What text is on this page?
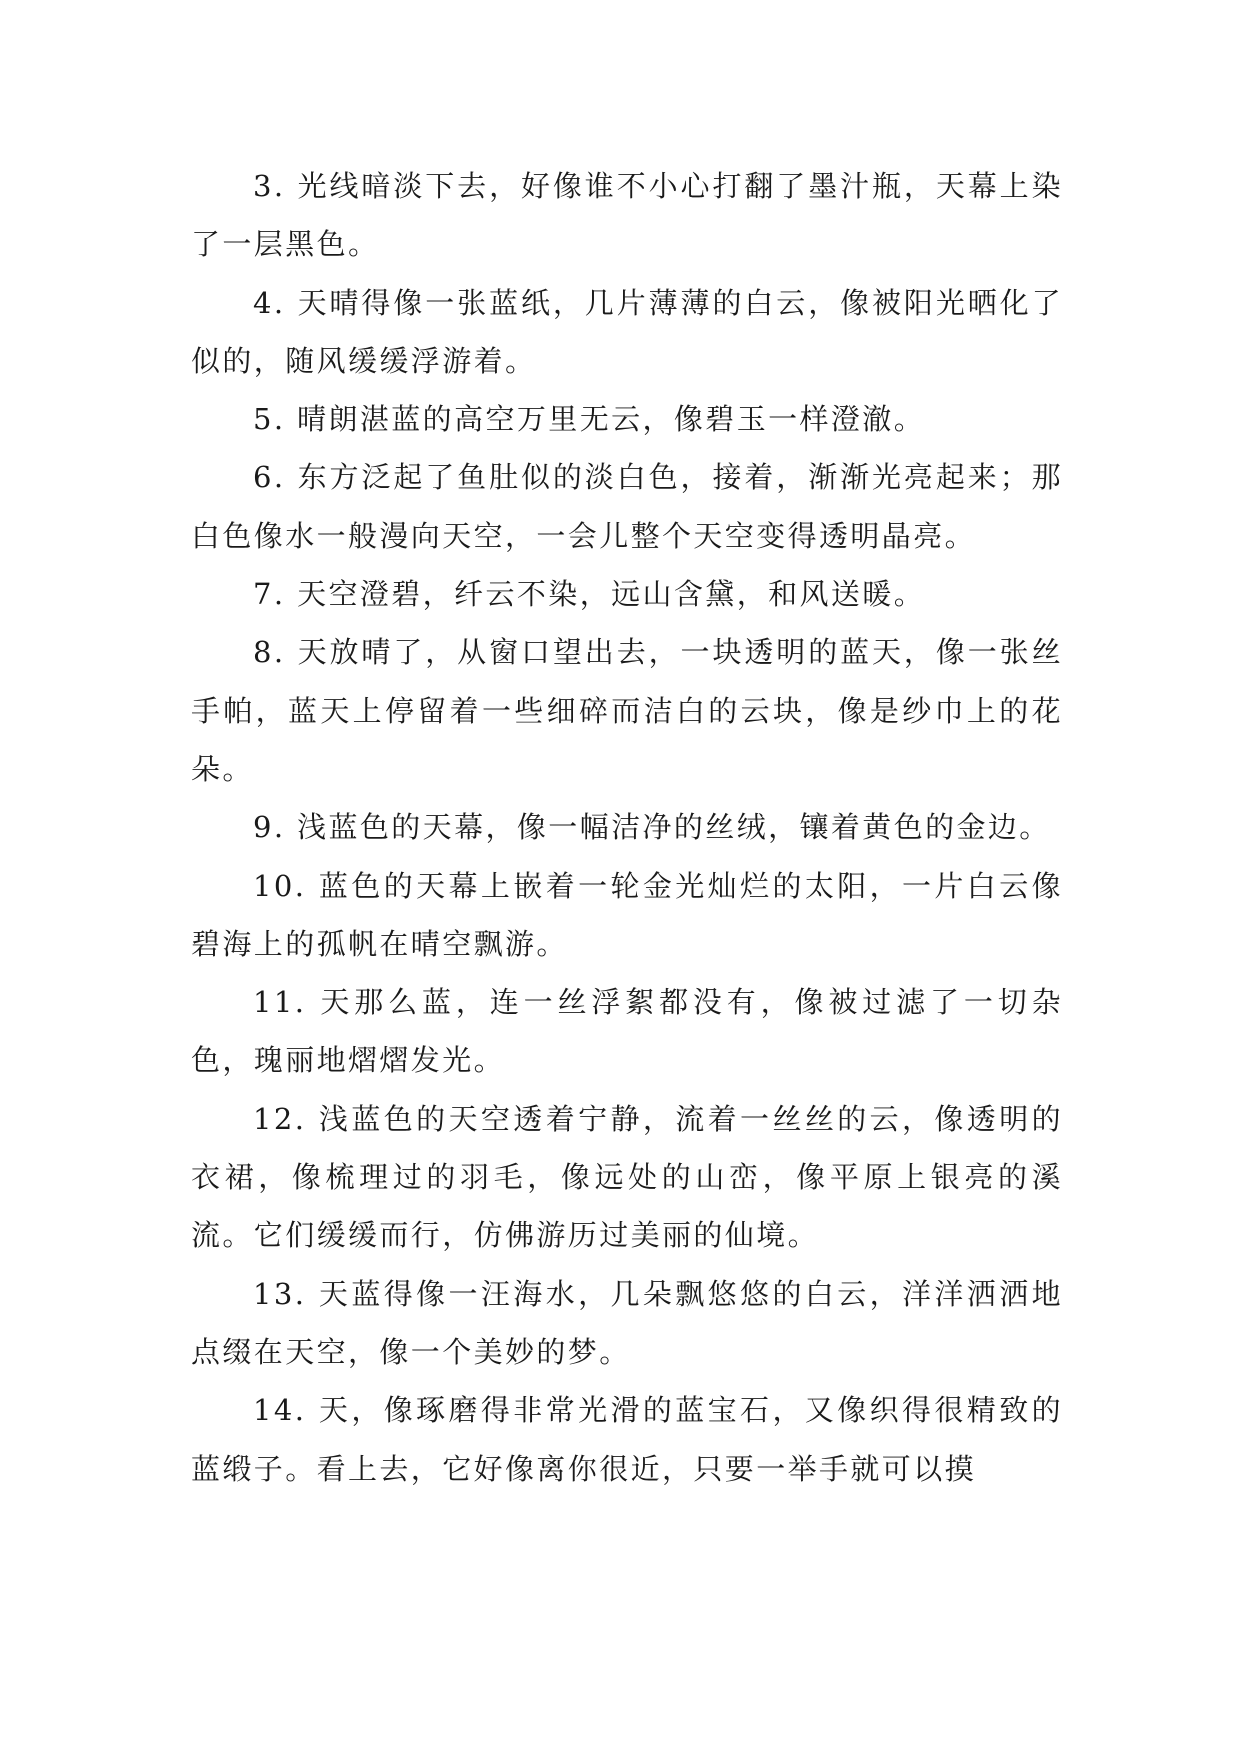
3. 光线暗淡下去，好像谁不小心打翻了墨汁瓶，天幕上染了一层黑色。

4. 天晴得像一张蓝纸，几片薄薄的白云，像被阳光晒化了似的，随风缓缓浮游着。

5. 晴朗湛蓝的高空万里无云，像碧玉一样澄澈。

6. 东方泛起了鱼肚似的淡白色，接着，渐渐光亮起来；那白色像水一般漫向天空，一会儿整个天空变得透明晶亮。

7. 天空澄碧，纤云不染，远山含黛，和风送暖。

8. 天放晴了，从窗口望出去，一块透明的蓝天，像一张丝手帕，蓝天上停留着一些细碎而洁白的云块，像是纱巾上的花朵。

9. 浅蓝色的天幕，像一幅洁净的丝绒，镶着黄色的金边。

10. 蓝色的天幕上嵌着一轮金光灿烂的太阳，一片白云像碧海上的孤帆在晴空飘游。

11. 天那么蓝，连一丝浮絮都没有，像被过滤了一切杂色，瑰丽地熠熠发光。

12. 浅蓝色的天空透着宁静，流着一丝丝的云，像透明的衣裙，像梳理过的羽毛，像远处的山峦，像平原上银亮的溪流。它们缓缓而行，仿佛游历过美丽的仙境。

13. 天蓝得像一汪海水，几朵飘悠悠的白云，洋洋洒洒地点缀在天空，像一个美妙的梦。

14. 天，像琢磨得非常光滑的蓝宝石，又像织得很精致的蓝缎子。看上去，它好像离你很近，只要一举手就可以摸
